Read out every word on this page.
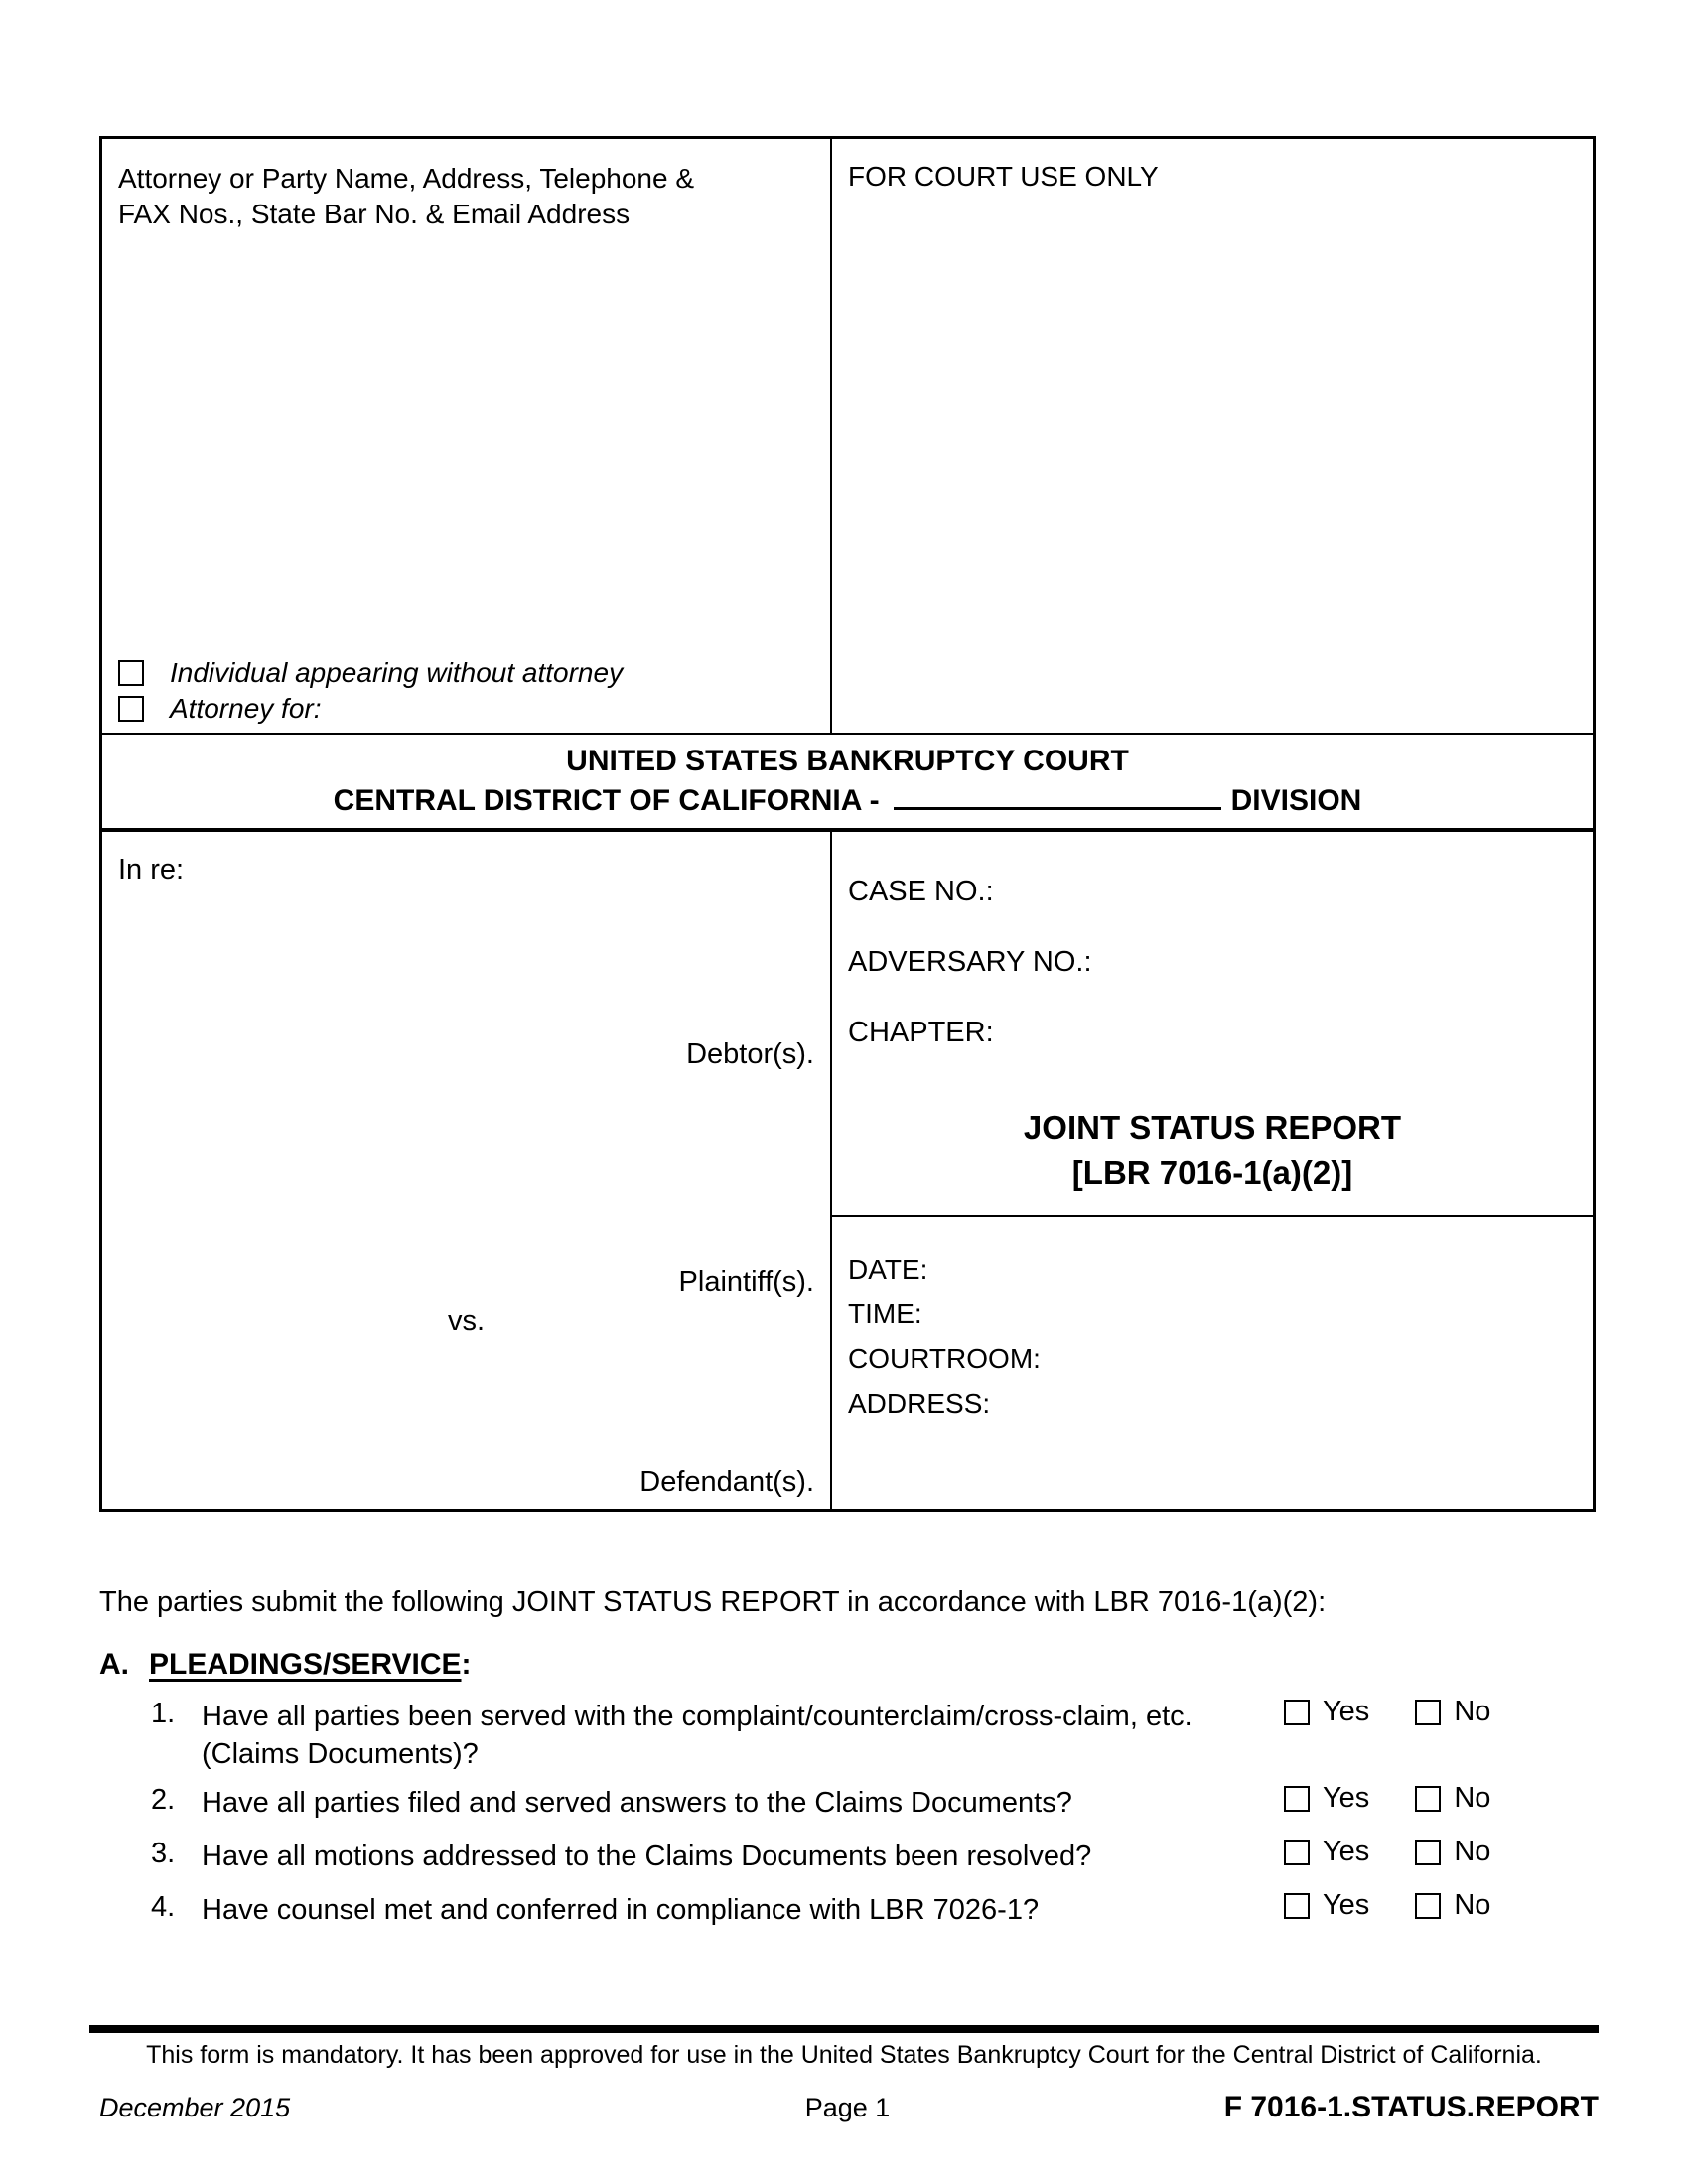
Attorney or Party Name, Address, Telephone & FAX Nos., State Bar No. & Email Address
Individual appearing without attorney
Attorney for:
FOR COURT USE ONLY
UNITED STATES BANKRUPTCY COURT
CENTRAL DISTRICT OF CALIFORNIA -	DIVISION
In re:
Debtor(s).
CASE NO.:
ADVERSARY NO.:
CHAPTER:
Plaintiff(s).
vs.
Defendant(s).
JOINT STATUS REPORT
[LBR 7016-1(a)(2)]
DATE:
TIME:
COURTROOM:
ADDRESS:
The parties submit the following JOINT STATUS REPORT in accordance with LBR 7016-1(a)(2):
A. PLEADINGS/SERVICE:
1. Have all parties been served with the complaint/counterclaim/cross-claim, etc. (Claims Documents)?
Yes	No
2. Have all parties filed and served answers to the Claims Documents?	Yes	No
3. Have all motions addressed to the Claims Documents been resolved?	Yes	No
4. Have counsel met and conferred in compliance with LBR 7026-1?	Yes	No
This form is mandatory. It has been approved for use in the United States Bankruptcy Court for the Central District of California.
December 2015	Page 1	F 7016-1.STATUS.REPORT
